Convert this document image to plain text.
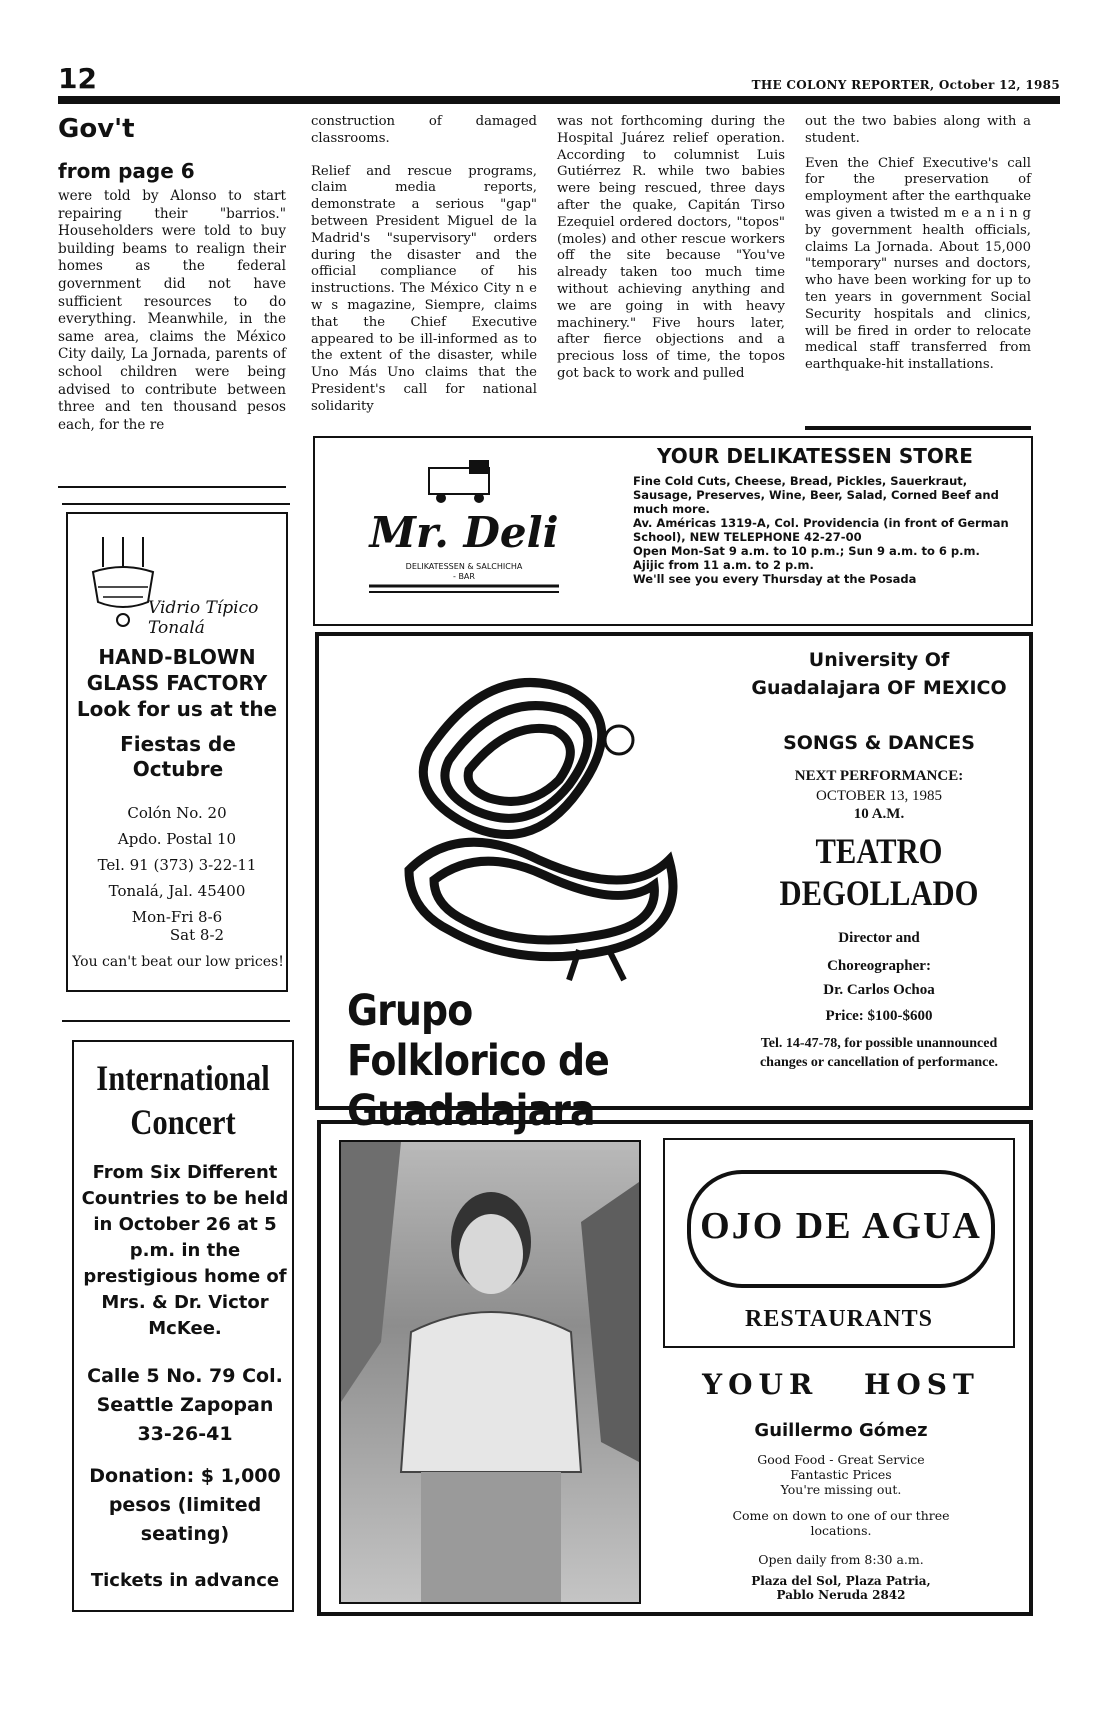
12	THE COLONY REPORTER, October 12, 1985
Gov't
from page 6
were told by Alonso to start repairing their "barrios." Householders were told to buy building beams to realign their homes as the federal government did not have sufficient resources to do everything. Meanwhile, in the same area, claims the México City daily, La Jornada, parents of school children were being advised to contribute between three and ten thousand pesos each, for the re

construction of damaged classrooms.

Relief and rescue programs, claim media reports, demonstrate a serious "gap" between President Miguel de la Madrid's "supervisory" orders during the disaster and the official compliance of his instructions. The México City n e w s magazine, Siempre, claims that the Chief Executive appeared to be ill-informed as to the extent of the disaster, while Uno Más Uno claims that the President's call for national solidarity

was not forthcoming during the Hospital Juárez relief operation. According to columnist Luis Gutiérrez R. while two babies were being rescued, three days after the quake, Capitán Tirso Ezequiel ordered doctors, "topos" (moles) and other rescue workers off the site because "You've already taken too much time without achieving anything and we are going in with heavy machinery." Five hours later, after fierce objections and a precious loss of time, the topos got back to work and pulled

out the two babies along with a student.

Even the Chief Executive's call for the preservation of employment after the earthquake was given a twisted m e a n i n g by government health officials, claims La Jornada. About 15,000 "temporary" nurses and doctors, who have been working for up to ten years in government Social Security hospitals and clinics, will be fired in order to relocate medical staff transferred from earthquake-hit installations.

Mr. Deli
DELIKATESSEN & SALCHICHA - BAR
YOUR DELIKATESSEN STORE
Fine Cold Cuts, Cheese, Bread, Pickles, Sauerkraut, Sausage, Preserves, Wine, Beer, Salad, Corned Beef and much more.
Av. Américas 1319-A, Col. Providencia (in front of German School), NEW TELEPHONE 42-27-00
Open Mon-Sat 9 a.m. to 10 p.m.; Sun 9 a.m. to 6 p.m.
Ajijic from 11 a.m. to 2 p.m.
We'll see you every Thursday at the Posada
Vidrio Típico Tonalá
HAND-BLOWN GLASS FACTORY Look for us at the
Fiestas de Octubre
Colón No. 20
Apdo. Postal 10
Tel. 91 (373) 3-22-11
Tonalá, Jal. 45400
Mon-Fri 8-6
Sat 8-2
You can't beat our low prices!
International Concert
From Six Different Countries to be held in October 26 at 5 p.m. in the prestigious home of Mrs. & Dr. Victor McKee.
Calle 5 No. 79 Col. Seattle Zapopan 33-26-41
Donation: $ 1,000 pesos (limited seating)
Tickets in advance
Grupo Folklorico de Guadalajara
University Of Guadalajara OF MEXICO
SONGS & DANCES
NEXT PERFORMANCE:
OCTOBER 13, 1985
10 A.M.
TEATRO DEGOLLADO
Director and Choreographer:
Dr. Carlos Ochoa
Price: $100-$600
Tel. 14-47-78, for possible unannounced changes or cancellation of performance.
OJO DE AGUA
RESTAURANTS
YOUR HOST
Guillermo Gómez
Good Food - Great Service
Fantastic Prices
You're missing out.
Come on down to one of our three locations.
Open daily from 8:30 a.m.
Plaza del Sol, Plaza Patria, Pablo Neruda 2842
